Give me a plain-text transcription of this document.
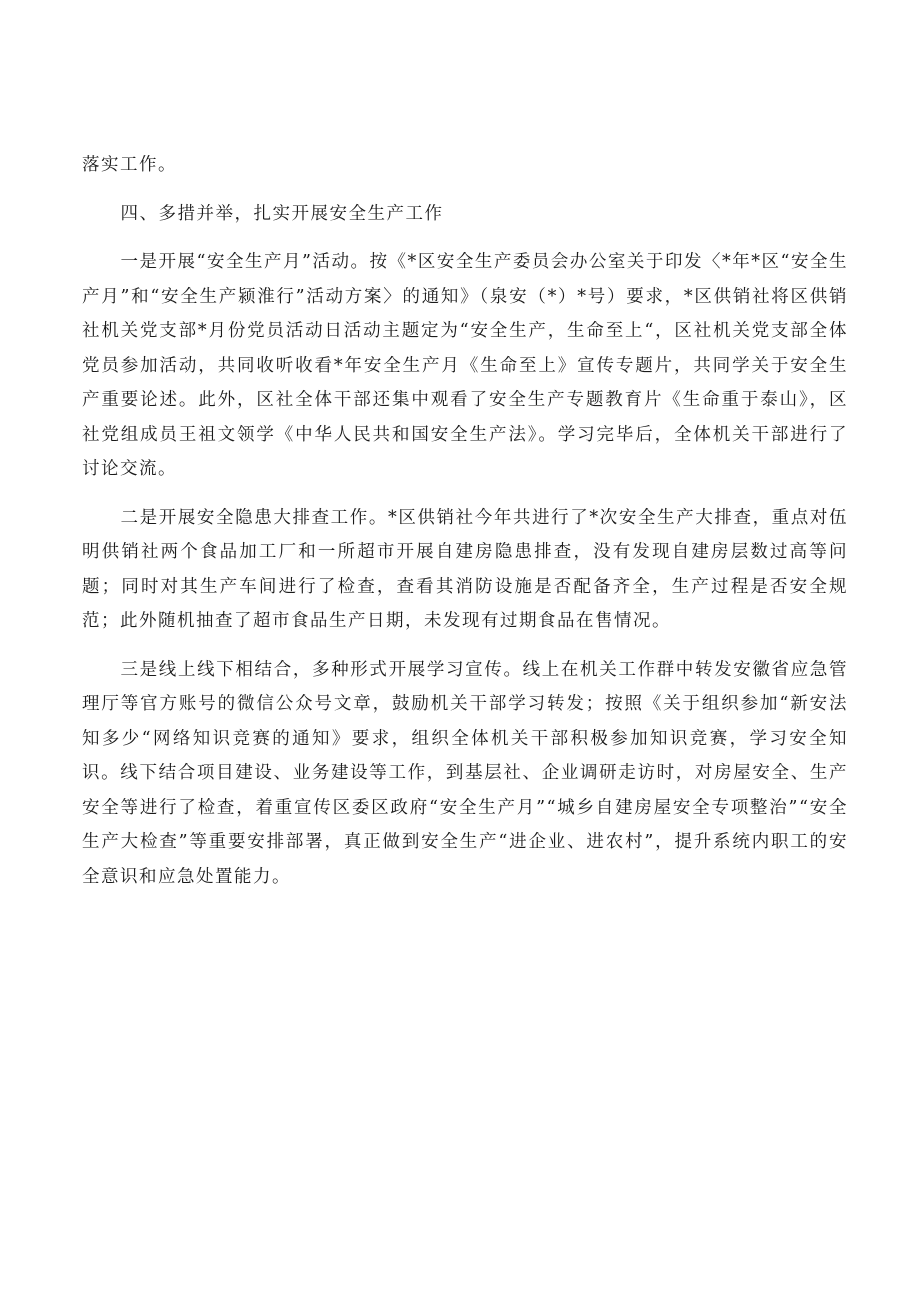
落实工作。

四、多措并举，扎实开展安全生产工作

一是开展“安全生产月”活动。按《*区安全生产委员会办公室关于印发〈*年*区“安全生产月”和“安全生产颍淮行”活动方案〉的通知》（泉安（*）*号）要求，*区供销社将区供销社机关党支部*月份党员活动日活动主题定为“安全生产，生命至上“，区社机关党支部全体党员参加活动，共同收听收看*年安全生产月《生命至上》宣传专题片，共同学关于安全生产重要论述。此外，区社全体干部还集中观看了安全生产专题教育片《生命重于泰山》，区社党组成员王祖文领学《中华人民共和国安全生产法》。学习完毕后，全体机关干部进行了讨论交流。

二是开展安全隐患大排查工作。*区供销社今年共进行了*次安全生产大排查，重点对伍明供销社两个食品加工厂和一所超市开展自建房隐患排查，没有发现自建房层数过高等问题；同时对其生产车间进行了检查，查看其消防设施是否配备齐全，生产过程是否安全规范；此外随机抽查了超市食品生产日期，未发现有过期食品在售情况。

三是线上线下相结合，多种形式开展学习宣传。线上在机关工作群中转发安徽省应急管理厅等官方账号的微信公众号文章，鼓励机关干部学习转发；按照《关于组织参加“新安法知多少“网络知识竞赛的通知》要求，组织全体机关干部积极参加知识竞赛，学习安全知识。线下结合项目建设、业务建设等工作，到基层社、企业调研走访时，对房屋安全、生产安全等进行了检查，着重宣传区委区政府“安全生产月”“城乡自建房屋安全专项整治”“安全生产大检查”等重要安排部署，真正做到安全生产“进企业、进农村”，提升系统内职工的安全意识和应急处置能力。
